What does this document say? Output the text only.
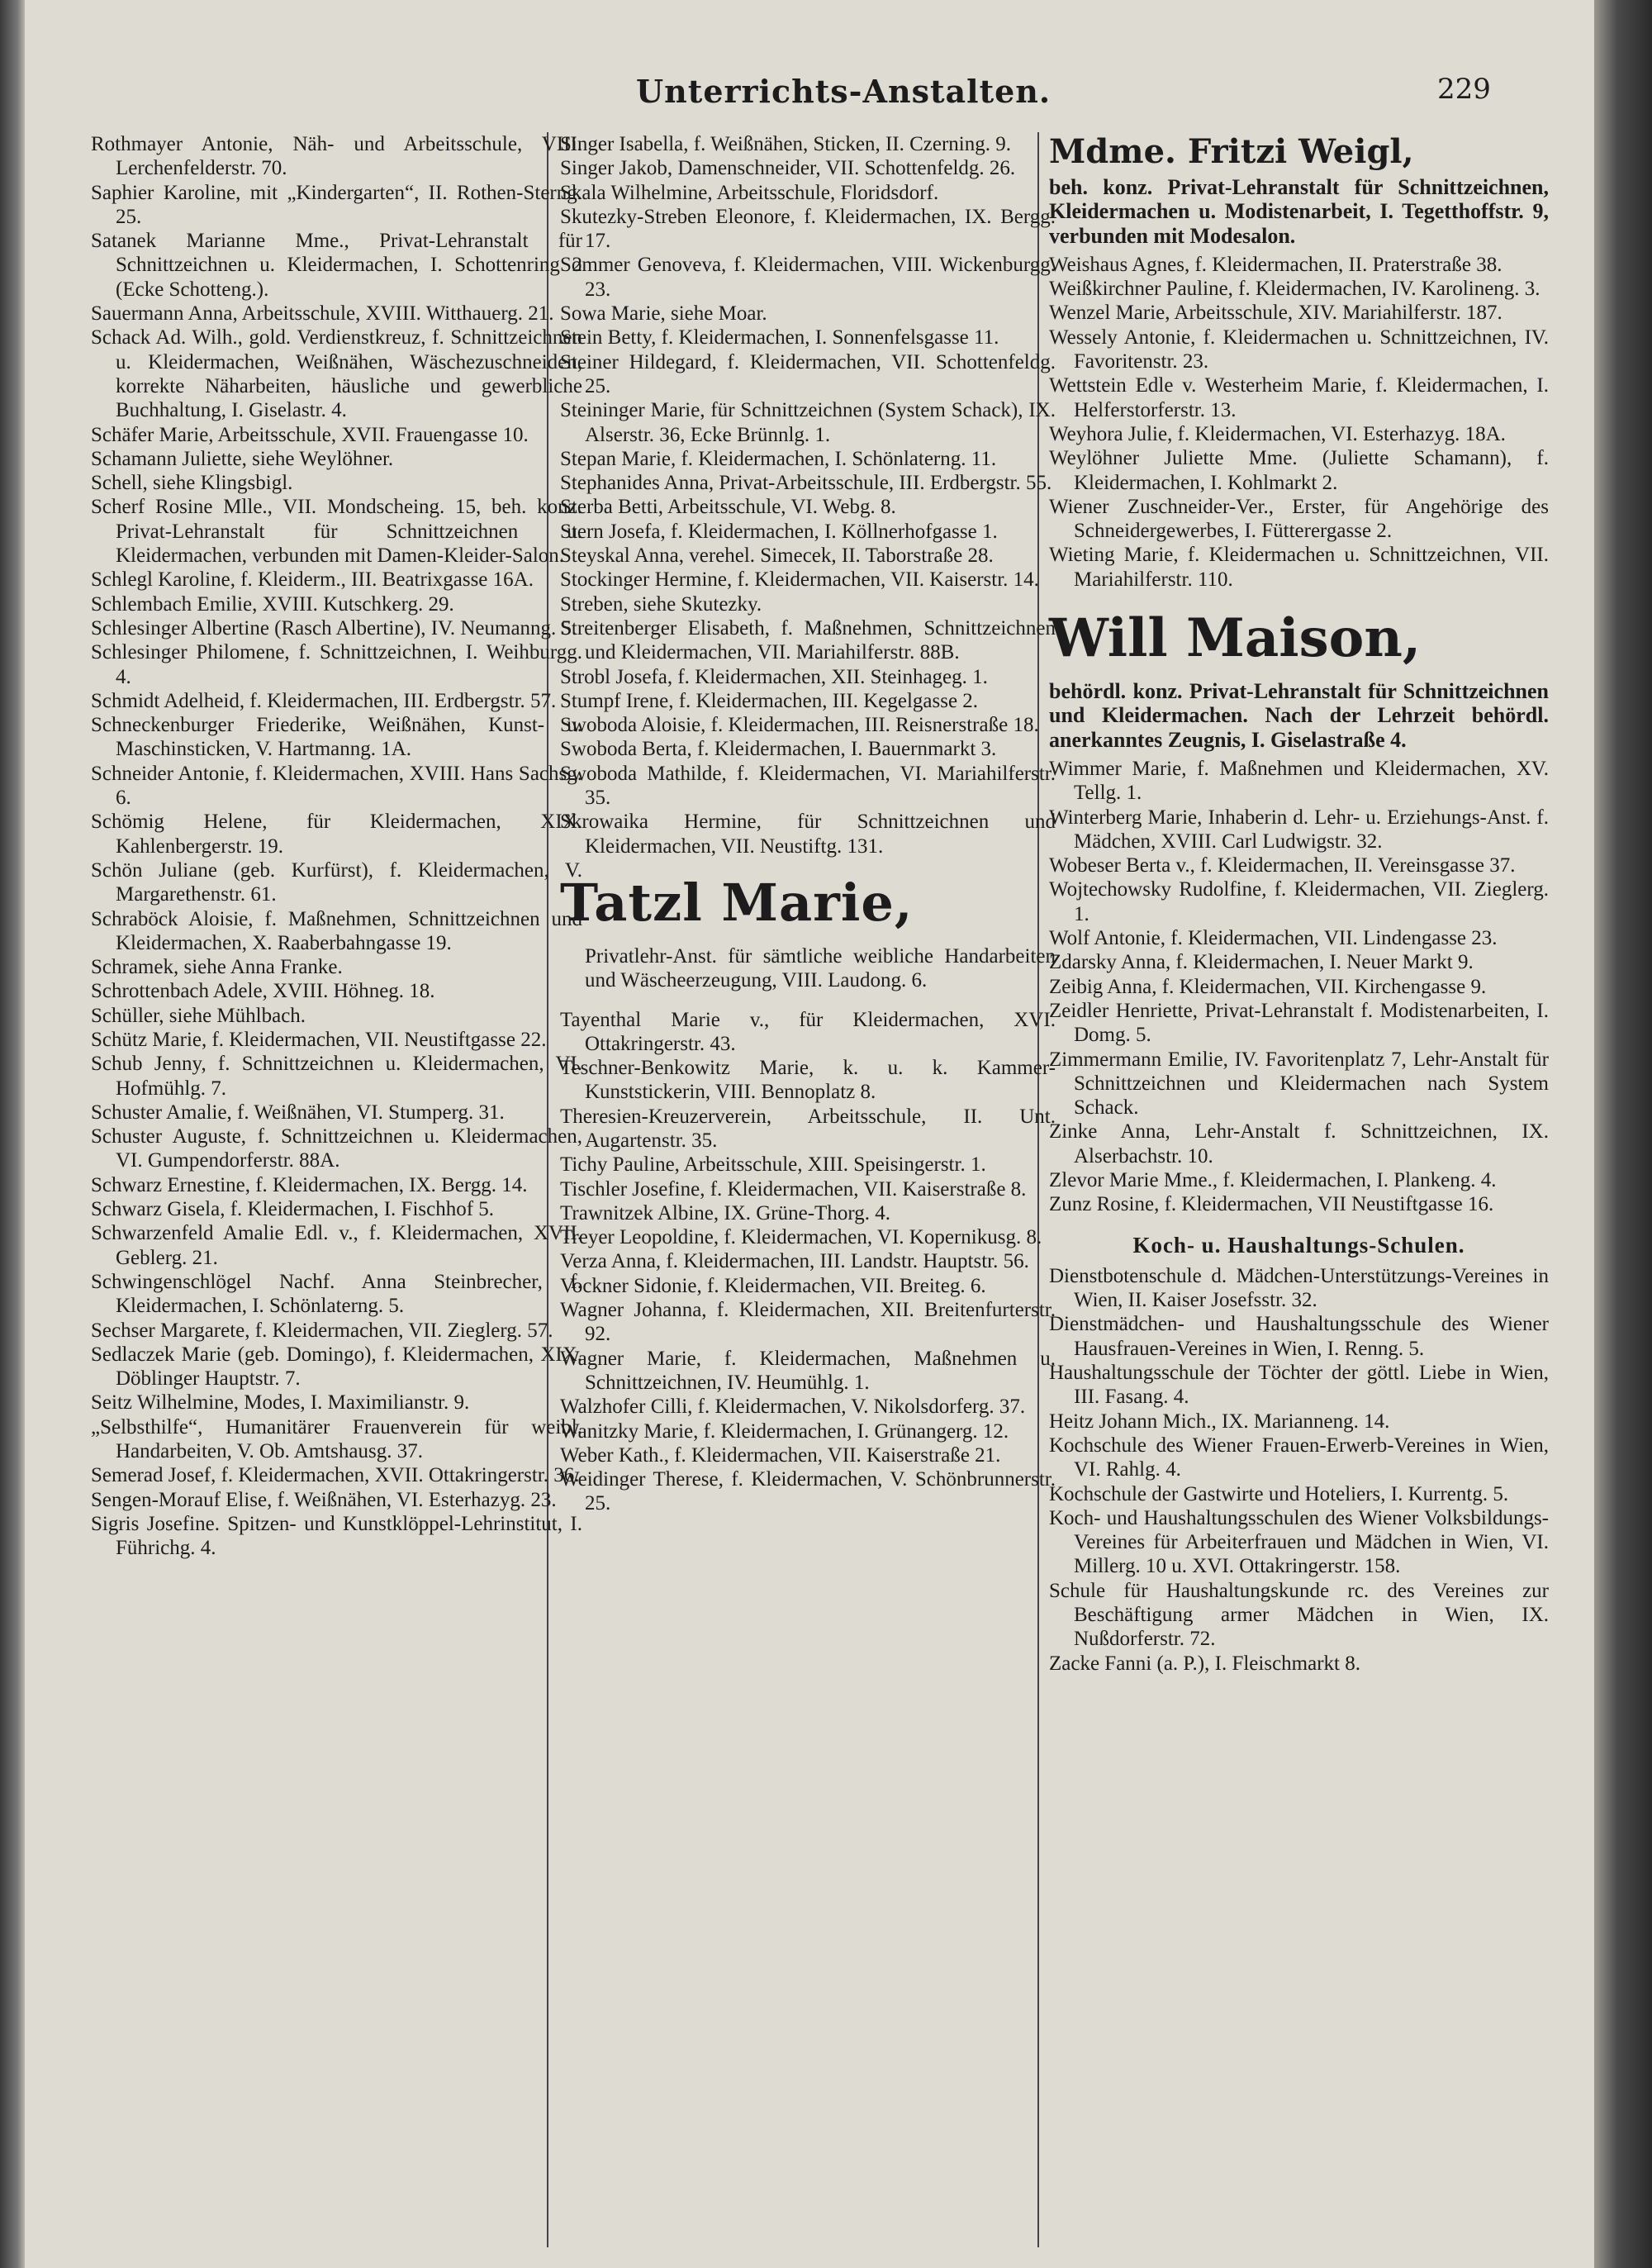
Unterrichts-Anstalten.	229

Rothmayer Antonie, Näh- und Arbeitsschule, VIII. Lerchenfelderstr. 70.

Saphier Karoline, mit „Kindergarten“, II. Rothen-Sterng. 25.

Satanek Marianne Mme., Privat-Lehranstalt für Schnittzeichnen u. Kleidermachen, I. Schottenring 2 (Ecke Schotteng.).

Sauermann Anna, Arbeitsschule, XVIII. Witthauerg. 21.

Schack Ad. Wilh., gold. Verdienstkreuz, f. Schnittzeichnen u. Kleidermachen, Weißnähen, Wäschezuschneiden, korrekte Näharbeiten, häusliche und gewerbliche Buchhaltung, I. Giselastr. 4.

Schäfer Marie, Arbeitsschule, XVII. Frauengasse 10.

Schamann Juliette, siehe Weylöhner.

Schell, siehe Klingsbigl.

Scherf Rosine Mlle., VII. Mondscheing. 15, beh. konz. Privat-Lehranstalt für Schnittzeichnen u. Kleidermachen, verbunden mit Damen-Kleider-Salon.

Schlegl Karoline, f. Kleiderm., III. Beatrixgasse 16A.

Schlembach Emilie, XVIII. Kutschkerg. 29.

Schlesinger Albertine (Rasch Albertine), IV. Neumanng. 5.

Schlesinger Philomene, f. Schnittzeichnen, I. Weihburgg. 4.

Schmidt Adelheid, f. Kleidermachen, III. Erdbergstr. 57.

Schneckenburger Friederike, Weißnähen, Kunst- u. Maschinsticken, V. Hartmanng. 1A.

Schneider Antonie, f. Kleidermachen, XVIII. Hans Sachsg. 6.

Schömig Helene, für Kleidermachen, XIX. Kahlenbergerstr. 19.

Schön Juliane (geb. Kurfürst), f. Kleidermachen, V. Margarethenstr. 61.

Schraböck Aloisie, f. Maßnehmen, Schnittzeichnen und Kleidermachen, X. Raaberbahngasse 19.

Schramek, siehe Anna Franke.

Schrottenbach Adele, XVIII. Höhneg. 18.

Schüller, siehe Mühlbach.

Schütz Marie, f. Kleidermachen, VII. Neustiftgasse 22.

Schub Jenny, f. Schnittzeichnen u. Kleidermachen, VI. Hofmühlg. 7.

Schuster Amalie, f. Weißnähen, VI. Stumperg. 31.

Schuster Auguste, f. Schnittzeichnen u. Kleidermachen, VI. Gumpendorferstr. 88A.

Schwarz Ernestine, f. Kleidermachen, IX. Bergg. 14.

Schwarz Gisela, f. Kleidermachen, I. Fischhof 5.

Schwarzenfeld Amalie Edl. v., f. Kleidermachen, XVII. Geblerg. 21.

Schwingenschlögel Nachf. Anna Steinbrecher, f. Kleidermachen, I. Schönlaterng. 5.

Sechser Margarete, f. Kleidermachen, VII. Zieglerg. 57.

Sedlaczek Marie (geb. Domingo), f. Kleidermachen, XIX. Döblinger Hauptstr. 7.

Seitz Wilhelmine, Modes, I. Maximilianstr. 9.

„Selbsthilfe“, Humanitärer Frauenverein für weibl. Handarbeiten, V. Ob. Amtshausg. 37.

Semerad Josef, f. Kleidermachen, XVII. Ottakringerstr. 36.

Sengen-Morauf Elise, f. Weißnähen, VI. Esterhazyg. 23.

Sigris Josefine. Spitzen- und Kunstklöppel-Lehrinstitut, I. Führichg. 4.

Singer Isabella, f. Weißnähen, Sticken, II. Czerning. 9.

Singer Jakob, Damenschneider, VII. Schottenfeldg. 26.

Skala Wilhelmine, Arbeitsschule, Floridsdorf.

Skutezky-Streben Eleonore, f. Kleidermachen, IX. Bergg. 17.

Sommer Genoveva, f. Kleidermachen, VIII. Wickenburgg. 23.

Sowa Marie, siehe Moar.

Stein Betty, f. Kleidermachen, I. Sonnenfelsgasse 11.

Steiner Hildegard, f. Kleidermachen, VII. Schottenfeldg. 25.

Steininger Marie, für Schnittzeichnen (System Schack), IX. Alserstr. 36, Ecke Brünnlg. 1.

Stepan Marie, f. Kleidermachen, I. Schönlaterng. 11.

Stephanides Anna, Privat-Arbeitsschule, III. Erdbergstr. 55.

Sterba Betti, Arbeitsschule, VI. Webg. 8.

Stern Josefa, f. Kleidermachen, I. Köllnerhofgasse 1.

Steyskal Anna, verehel. Simecek, II. Taborstraße 28.

Stockinger Hermine, f. Kleidermachen, VII. Kaiserstr. 14.

Streben, siehe Skutezky.

Streitenberger Elisabeth, f. Maßnehmen, Schnittzeichnen und Kleidermachen, VII. Mariahilferstr. 88B.

Strobl Josefa, f. Kleidermachen, XII. Steinhageg. 1.

Stumpf Irene, f. Kleidermachen, III. Kegelgasse 2.

Swoboda Aloisie, f. Kleidermachen, III. Reisnerstraße 18.

Swoboda Berta, f. Kleidermachen, I. Bauernmarkt 3.

Swoboda Mathilde, f. Kleidermachen, VI. Mariahilferstr. 35.

Skrowaika Hermine, für Schnittzeichnen und Kleidermachen, VII. Neustiftg. 131.

Tatzl Marie,
Privatlehr-Anst. für sämtliche weibliche Handarbeiten und Wäscheerzeugung, VIII. Laudong. 6.

Tayenthal Marie v., für Kleidermachen, XVI. Ottakringerstr. 43.

Teschner-Benkowitz Marie, k. u. k. Kammer-Kunststickerin, VIII. Bennoplatz 8.

Theresien-Kreuzerverein, Arbeitsschule, II. Unt. Augartenstr. 35.

Tichy Pauline, Arbeitsschule, XIII. Speisingerstr. 1.

Tischler Josefine, f. Kleidermachen, VII. Kaiserstraße 8.

Trawnitzek Albine, IX. Grüne-Thorg. 4.

Treyer Leopoldine, f. Kleidermachen, VI. Kopernikusg. 8.

Verza Anna, f. Kleidermachen, III. Landstr. Hauptstr. 56.

Vockner Sidonie, f. Kleidermachen, VII. Breiteg. 6.

Wagner Johanna, f. Kleidermachen, XII. Breitenfurterstr. 92.

Wagner Marie, f. Kleidermachen, Maßnehmen u. Schnittzeichnen, IV. Heumühlg. 1.

Walzhofer Cilli, f. Kleidermachen, V. Nikolsdorferg. 37.

Wanitzky Marie, f. Kleidermachen, I. Grünangerg. 12.

Weber Kath., f. Kleidermachen, VII. Kaiserstraße 21.

Weidinger Therese, f. Kleidermachen, V. Schönbrunnerstr. 25.

Mdme. Fritzi Weigl,
beh. konz. Privat-Lehranstalt für Schnittzeichnen, Kleidermachen u. Modistenarbeit, I. Tegetthoffstr. 9, verbunden mit Modesalon.

Weishaus Agnes, f. Kleidermachen, II. Praterstraße 38.

Weißkirchner Pauline, f. Kleidermachen, IV. Karolineng. 3.

Wenzel Marie, Arbeitsschule, XIV. Mariahilferstr. 187.

Wessely Antonie, f. Kleidermachen u. Schnittzeichnen, IV. Favoritenstr. 23.

Wettstein Edle v. Westerheim Marie, f. Kleidermachen, I. Helferstorferstr. 13.

Weyhora Julie, f. Kleidermachen, VI. Esterhazyg. 18A.

Weylöhner Juliette Mme. (Juliette Schamann), f. Kleidermachen, I. Kohlmarkt 2.

Wiener Zuschneider-Ver., Erster, für Angehörige des Schneidergewerbes, I. Fütterergasse 2.

Wieting Marie, f. Kleidermachen u. Schnittzeichnen, VII. Mariahilferstr. 110.

Will Maison,
behördl. konz. Privat-Lehranstalt für Schnittzeichnen und Kleidermachen. Nach der Lehrzeit behördl. anerkanntes Zeugnis, I. Giselastraße 4.

Wimmer Marie, f. Maßnehmen und Kleidermachen, XV. Tellg. 1.

Winterberg Marie, Inhaberin d. Lehr- u. Erziehungs-Anst. f. Mädchen, XVIII. Carl Ludwigstr. 32.

Wobeser Berta v., f. Kleidermachen, II. Vereinsgasse 37.

Wojtechowsky Rudolfine, f. Kleidermachen, VII. Zieglerg. 1.

Wolf Antonie, f. Kleidermachen, VII. Lindengasse 23.

Zdarsky Anna, f. Kleidermachen, I. Neuer Markt 9.

Zeibig Anna, f. Kleidermachen, VII. Kirchengasse 9.

Zeidler Henriette, Privat-Lehranstalt f. Modistenarbeiten, I. Domg. 5.

Zimmermann Emilie, IV. Favoritenplatz 7, Lehr-Anstalt für Schnittzeichnen und Kleidermachen nach System Schack.

Zinke Anna, Lehr-Anstalt f. Schnittzeichnen, IX. Alserbachstr. 10.

Zlevor Marie Mme., f. Kleidermachen, I. Plankeng. 4.

Zunz Rosine, f. Kleidermachen, VII Neustiftgasse 16.

Koch- u. Haushaltungs-Schulen.

Dienstbotenschule d. Mädchen-Unterstützungs-Vereines in Wien, II. Kaiser Josefsstr. 32.

Dienstmädchen- und Haushaltungsschule des Wiener Hausfrauen-Vereines in Wien, I. Renng. 5.

Haushaltungsschule der Töchter der göttl. Liebe in Wien, III. Fasang. 4.

Heitz Johann Mich., IX. Marianneng. 14.

Kochschule des Wiener Frauen-Erwerb-Vereines in Wien, VI. Rahlg. 4.

Kochschule der Gastwirte und Hoteliers, I. Kurrentg. 5.

Koch- und Haushaltungsschulen des Wiener Volksbildungs-Vereines für Arbeiterfrauen und Mädchen in Wien, VI. Millerg. 10 u. XVI. Ottakringerstr. 158.

Schule für Haushaltungskunde rc. des Vereines zur Beschäftigung armer Mädchen in Wien, IX. Nußdorferstr. 72.

Zacke Fanni (a. P.), I. Fleischmarkt 8.
